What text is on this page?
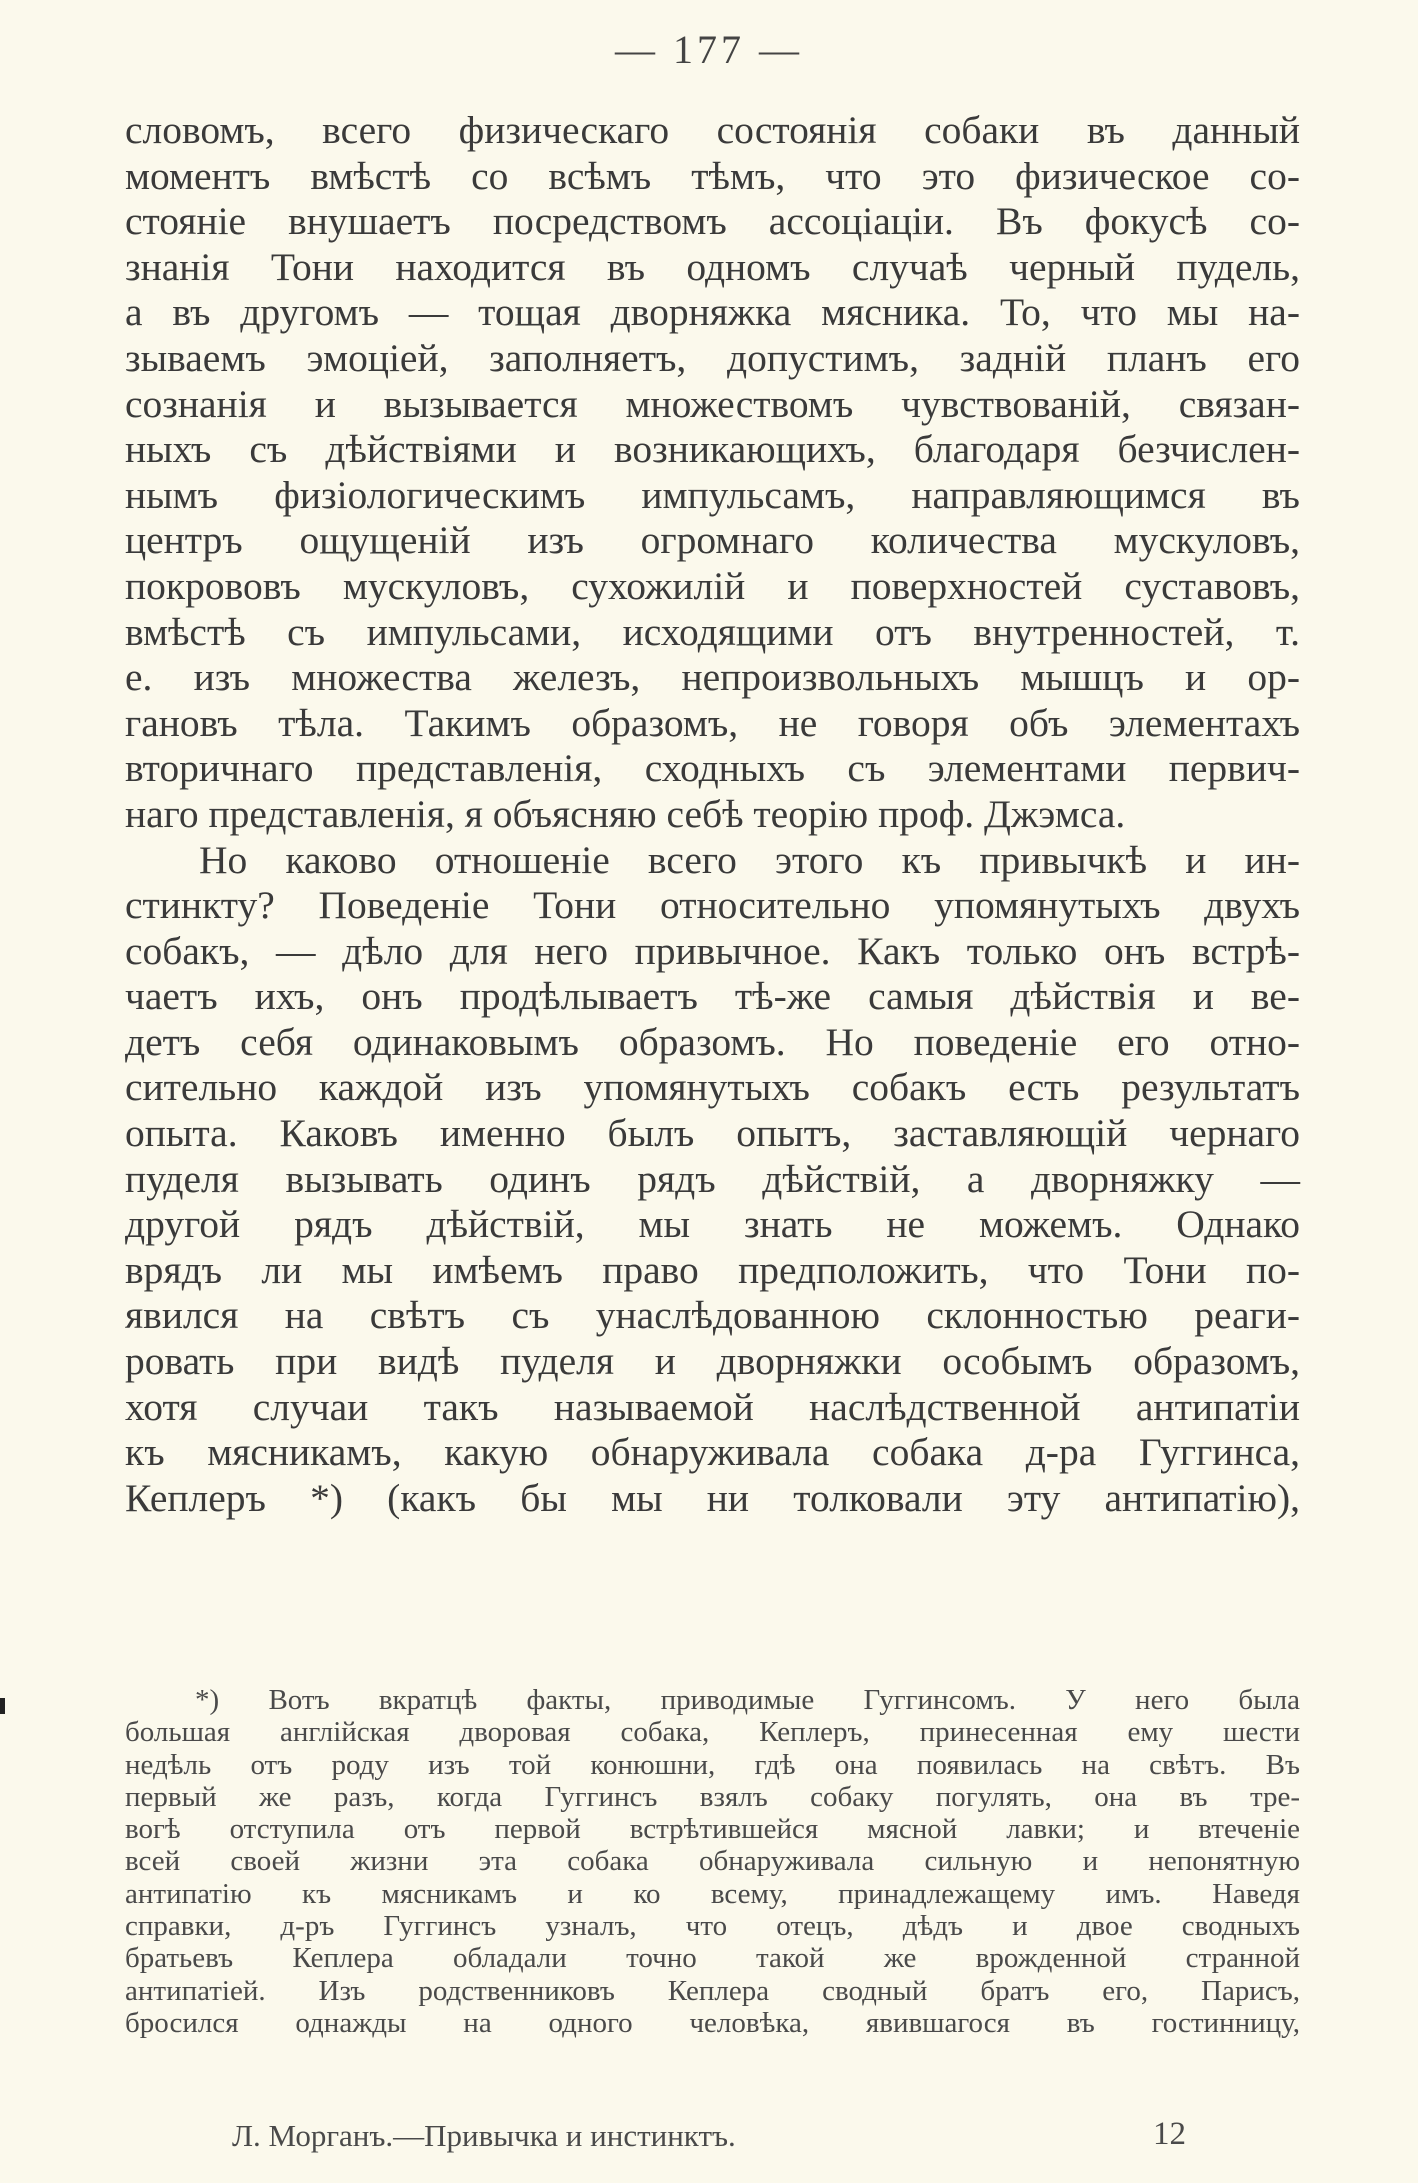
— 177 —
словомъ, всего физическаго состоянія собаки въ данный
моментъ вмѣстѣ со всѣмъ тѣмъ, что это физическое со-
стояніе внушаетъ посредствомъ ассоціаціи. Въ фокусѣ со-
знанія Тони находится въ одномъ случаѣ черный пудель,
а въ другомъ — тощая дворняжка мясника. То, что мы на-
зываемъ эмоціей, заполняетъ, допустимъ, задній планъ его
сознанія и вызывается множествомъ чувствованій, связан-
ныхъ съ дѣйствіями и возникающихъ, благодаря безчислен-
нымъ физіологическимъ импульсамъ, направляющимся въ
центръ ощущеній изъ огромнаго количества мускуловъ,
покрововъ мускуловъ, сухожилій и поверхностей суставовъ,
вмѣстѣ съ импульсами, исходящими отъ внутренностей, т.
е. изъ множества железъ, непроизвольныхъ мышцъ и ор-
гановъ тѣла. Такимъ образомъ, не говоря объ элементахъ
вторичнаго представленія, сходныхъ съ элементами первич-
наго представленія, я объясняю себѣ теорію проф. Джэмса.
Но каково отношеніе всего этого къ привычкѣ и ин-
стинкту? Поведеніе Тони относительно упомянутыхъ двухъ
собакъ, — дѣло для него привычное. Какъ только онъ встрѣ-
чаетъ ихъ, онъ продѣлываетъ тѣ-же самыя дѣйствія и ве-
детъ себя одинаковымъ образомъ. Но поведеніе его отно-
сительно каждой изъ упомянутыхъ собакъ есть результатъ
опыта. Каковъ именно былъ опытъ, заставляющій чернаго
пуделя вызывать одинъ рядъ дѣйствій, а дворняжку —
другой рядъ дѣйствій, мы знать не можемъ. Однако
врядъ ли мы имѣемъ право предположить, что Тони по-
явился на свѣтъ съ унаслѣдованною склонностью реаги-
ровать при видѣ пуделя и дворняжки особымъ образомъ,
хотя случаи такъ называемой наслѣдственной антипатіи
къ мясникамъ, какую обнаруживала собака д-ра Гуггинса,
Кеплеръ *) (какъ бы мы ни толковали эту антипатію),
*) Вотъ вкратцѣ факты, приводимые Гуггинсомъ. У него была
большая англійская дворовая собака, Кеплеръ, принесенная ему шести
недѣль отъ роду изъ той конюшни, гдѣ она появилась на свѣтъ. Въ
первый же разъ, когда Гуггинсъ взялъ собаку погулять, она въ тре-
вогѣ отступила отъ первой встрѣтившейся мясной лавки; и втеченіе
всей своей жизни эта собака обнаруживала сильную и непонятную
антипатію къ мясникамъ и ко всему, принадлежащему имъ. Наведя
справки, д-ръ Гуггинсъ узналъ, что отецъ, дѣдъ и двое сводныхъ
братьевъ Кеплера обладали точно такой же врожденной странной
антипатіей. Изъ родственниковъ Кеплера сводный братъ его, Парисъ,
бросился однажды на одного человѣка, явившагося въ гостинницу,
Л. Морганъ.—Привычка и инстинктъ.	12
